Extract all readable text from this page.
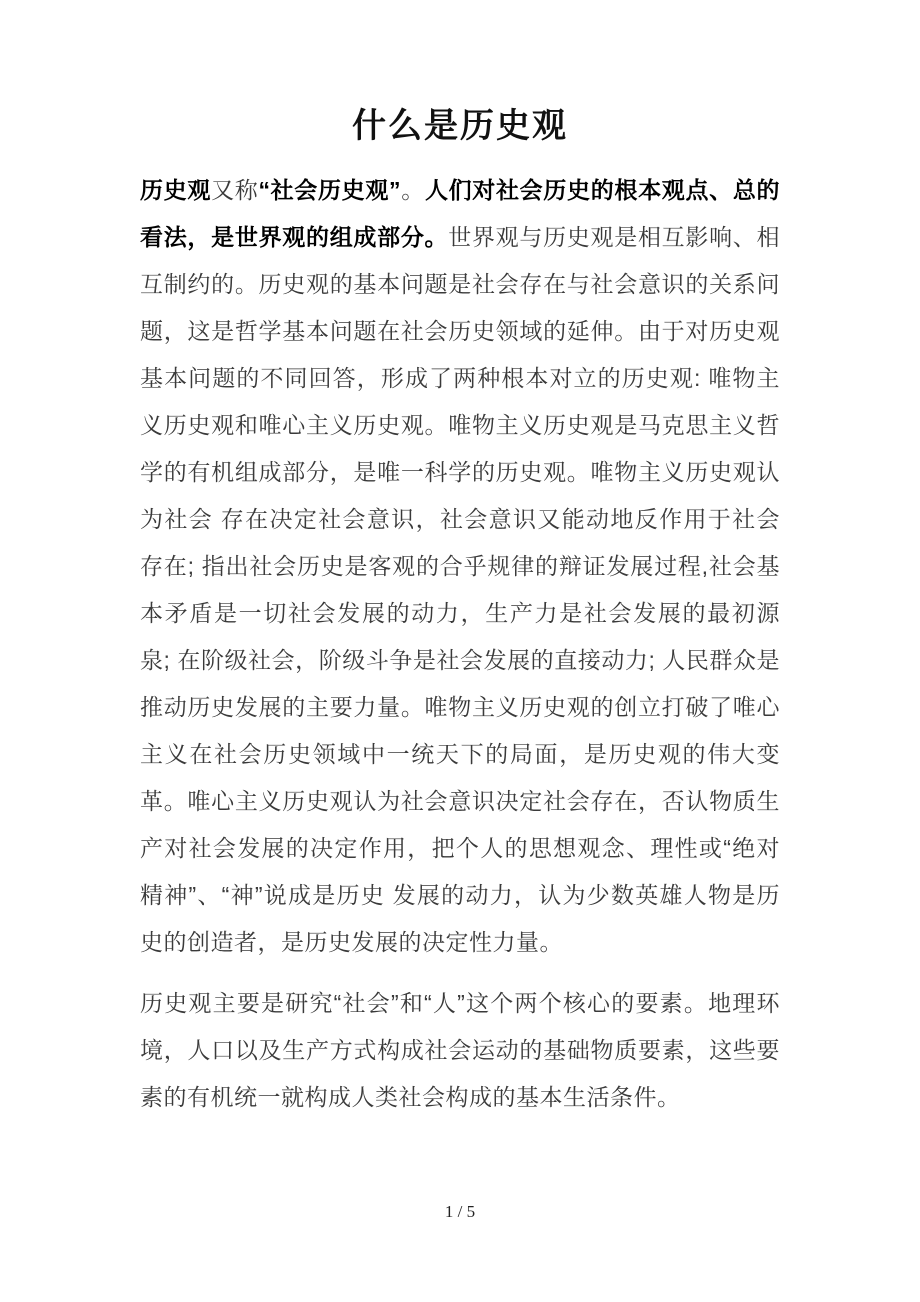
什么是历史观

历史观又称“社会历史观”。人们对社会历史的根本观点、总的看法，是世界观的组成部分。世界观与历史观是相互影响、相互制约的。历史观的基本问题是社会存在与社会意识的关系问题，这是哲学基本问题在社会历史领域的延伸。由于对历史观基本问题的不同回答，形成了两种根本对立的历史观: 唯物主义历史观和唯心主义历史观。唯物主义历史观是马克思主义哲学的有机组成部分，是唯一科学的历史观。唯物主义历史观认为社会 存在决定社会意识，社会意识又能动地反作用于社会存在; 指出社会历史是客观的合乎规律的辩证发展过程,社会基本矛盾是一切社会发展的动力，生产力是社会发展的最初源泉; 在阶级社会，阶级斗争是社会发展的直接动力; 人民群众是推动历史发展的主要力量。唯物主义历史观的创立打破了唯心主义在社会历史领域中一统天下的局面，是历史观的伟大变革。唯心主义历史观认为社会意识决定社会存在，否认物质生产对社会发展的决定作用，把个人的思想观念、理性或“绝对精神”、“神”说成是历史 发展的动力，认为少数英雄人物是历史的创造者，是历史发展的决定性力量。

历史观主要是研究“社会”和“人”这个两个核心的要素。地理环境，人口以及生产方式构成社会运动的基础物质要素，这些要素的有机统一就构成人类社会构成的基本生活条件。

1 / 5
